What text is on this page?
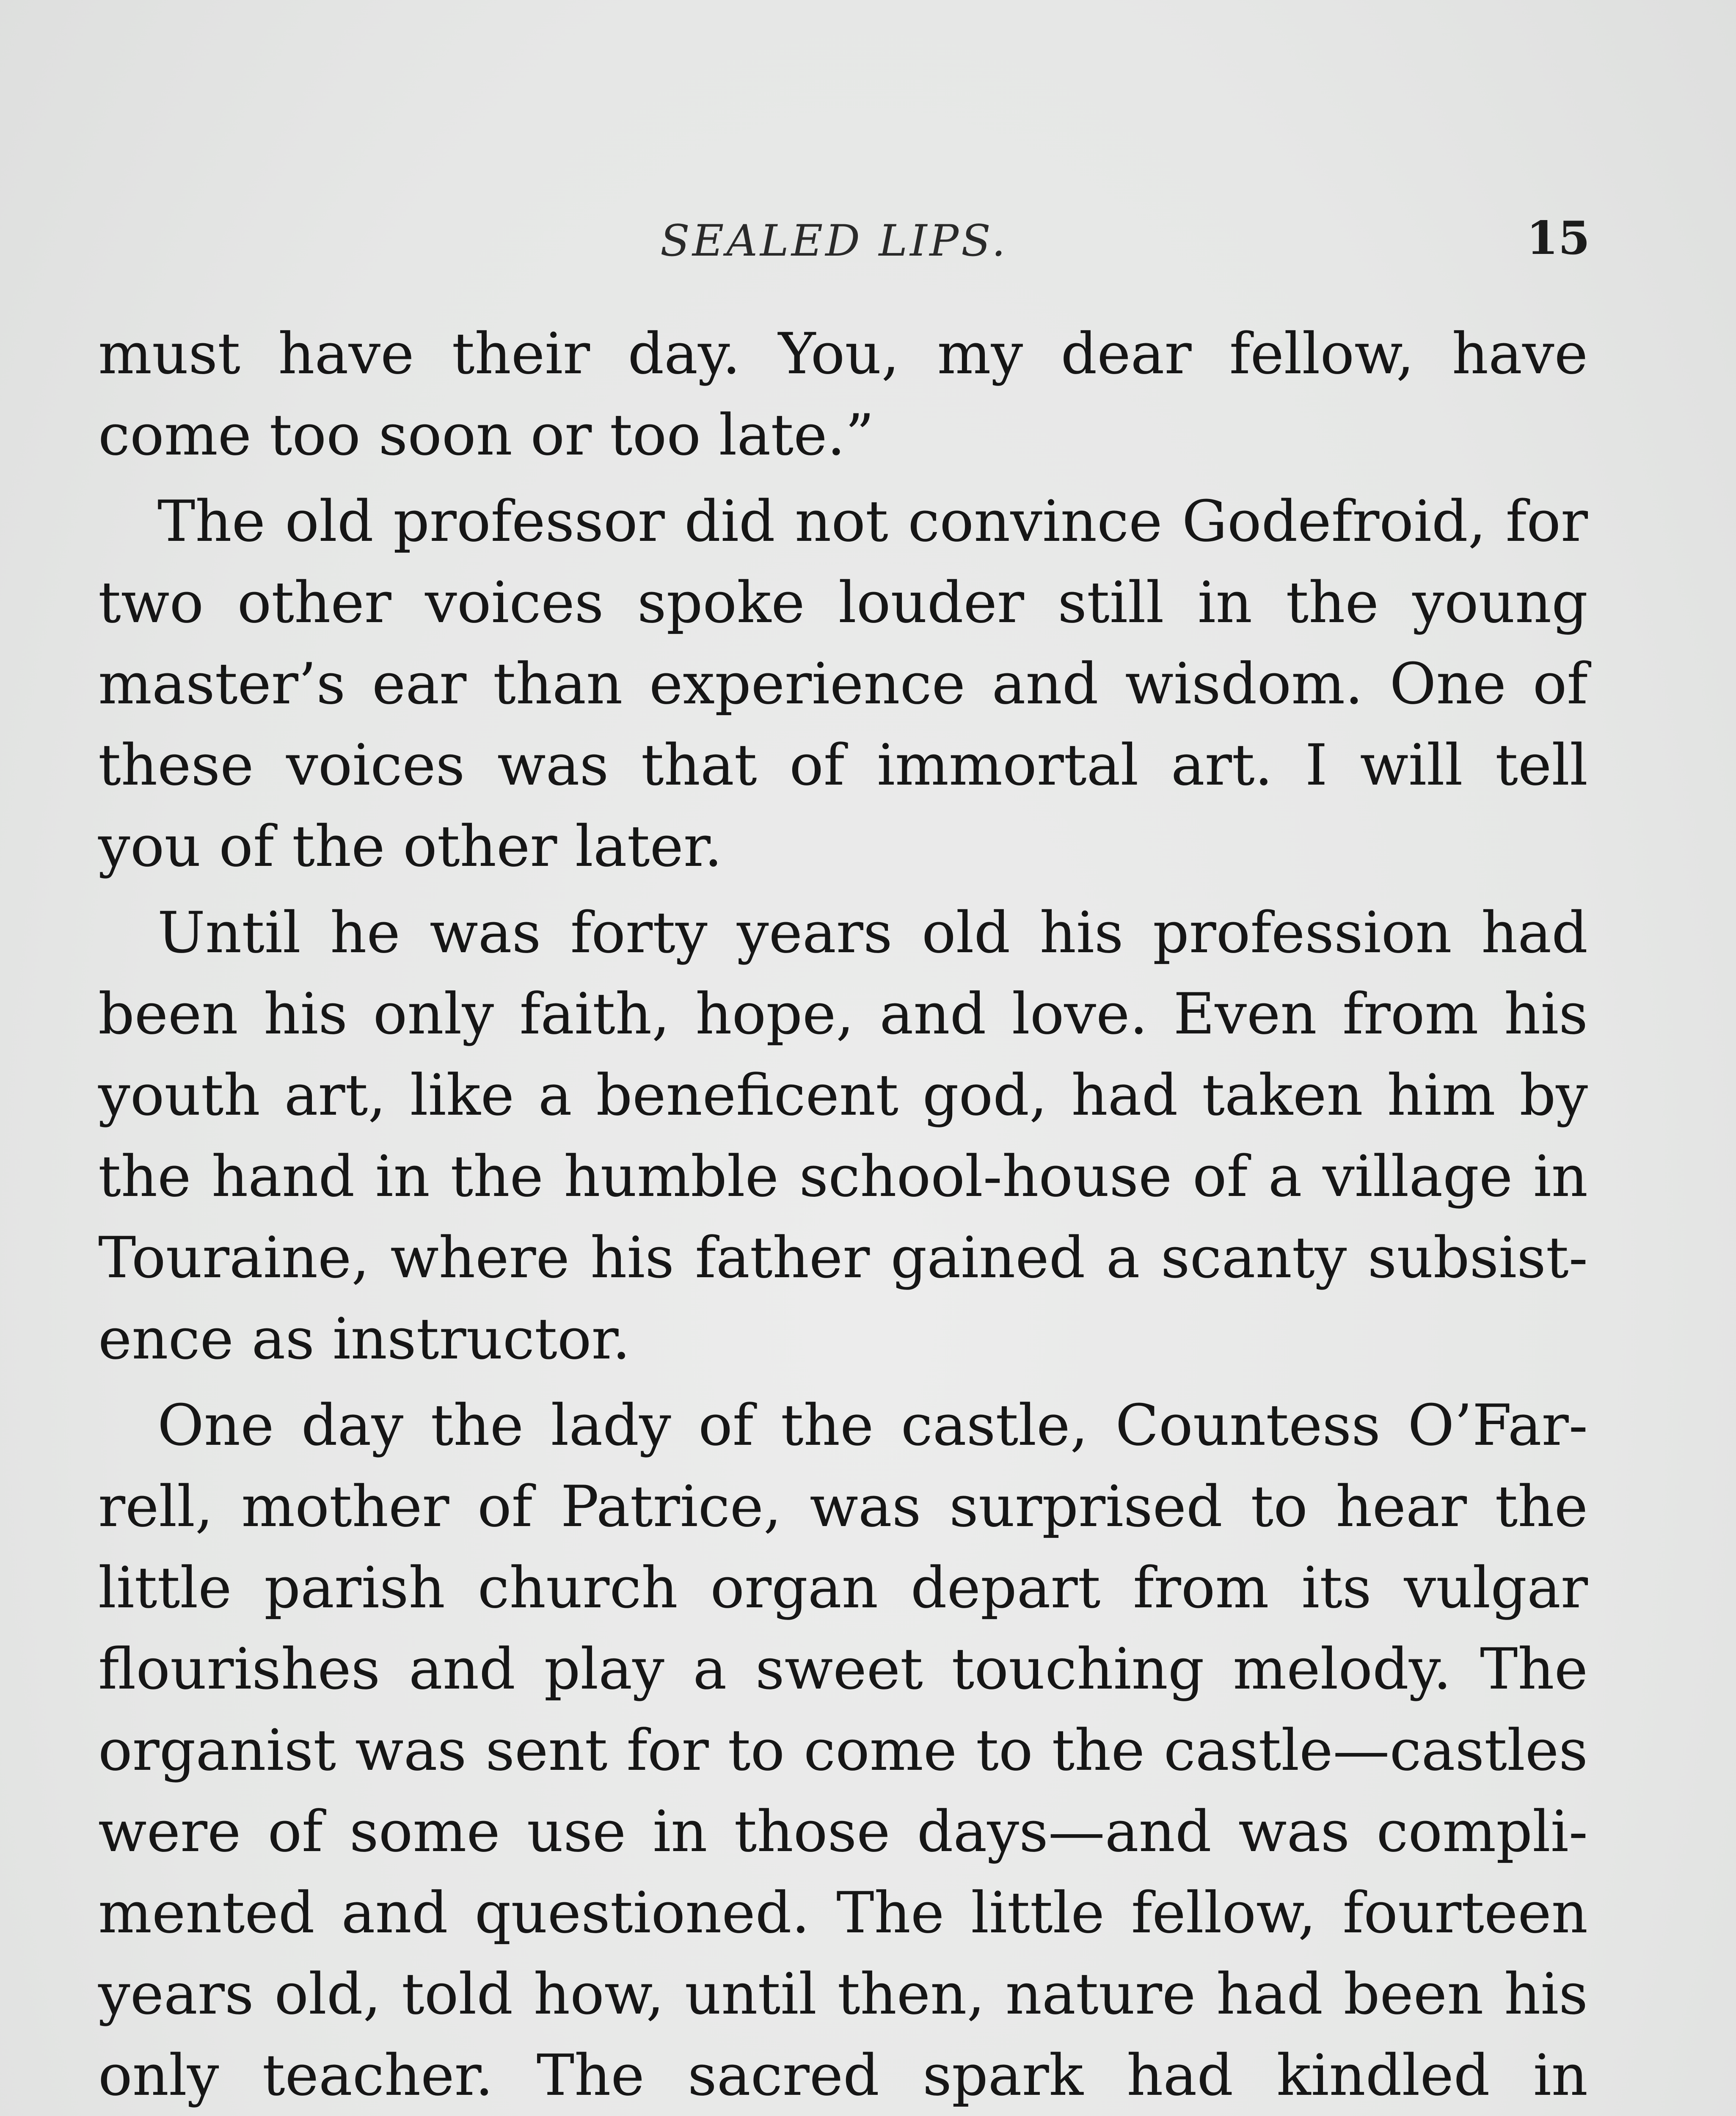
SEALED LIPS.	15
must have their day. You, my dear fellow, have
come too soon or too late.”
The old professor did not convince Godefroid, for
two other voices spoke louder still in the young
master’s ear than experience and wisdom. One of
these voices was that of immortal art. I will tell
you of the other later.
Until he was forty years old his profession had
been his only faith, hope, and love. Even from his
youth art, like a beneficent god, had taken him by
the hand in the humble school-house of a village in
Touraine, where his father gained a scanty subsist-
ence as instructor.
One day the lady of the castle, Countess O’Far-
rell, mother of Patrice, was surprised to hear the
little parish church organ depart from its vulgar
flourishes and play a sweet touching melody. The
organist was sent for to come to the castle—castles
were of some use in those days—and was compli-
mented and questioned. The little fellow, fourteen
years old, told how, until then, nature had been his
only teacher. The sacred spark had kindled in
